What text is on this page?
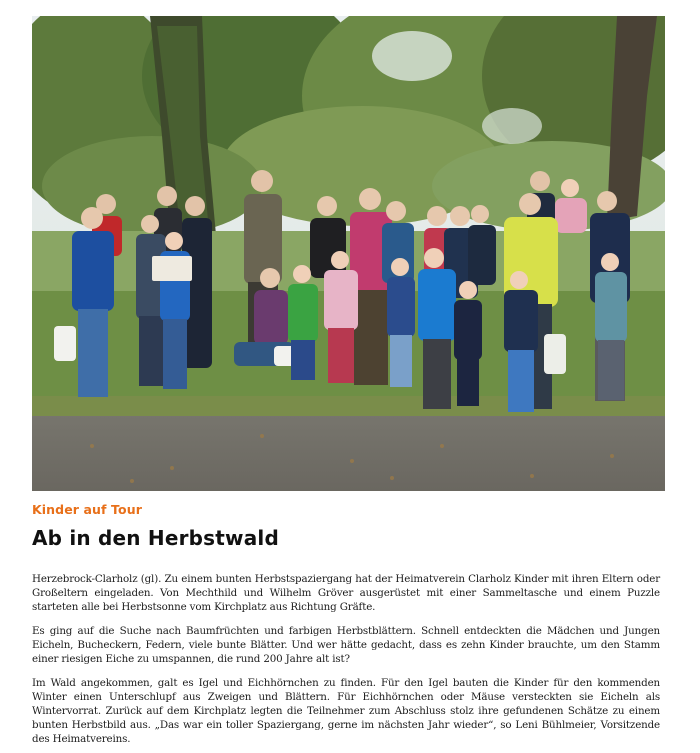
Kinder auf Tour
Ab in den Herbstwald

Herzebrock-Clarholz (gl). Zu einem bunten Herbstspaziergang hat der Heimatverein Clarholz Kinder mit ihren Eltern oder Großeltern eingeladen. Von Mechthild und Wilhelm Gröver ausgerüstet mit einer Sammeltasche und einem Puzzle starteten alle bei Herbstsonne vom Kirchplatz aus Richtung Gräfte.

Es ging auf die Suche nach Baumfrüchten und farbigen Herbstblättern. Schnell entdeckten die Mädchen und Jungen Eicheln, Bucheckern, Federn, viele bunte Blätter. Und wer hätte gedacht, dass es zehn Kinder brauchte, um den Stamm einer riesigen Eiche zu umspannen, die rund 200 Jahre alt ist?

Im Wald angekommen, galt es Igel und Eichhörnchen zu finden. Für den Igel bauten die Kinder für den kommenden Winter einen Unterschlupf aus Zweigen und Blättern. Für Eichhörnchen oder Mäuse versteckten sie Eicheln als Wintervorrat. Zurück auf dem Kirchplatz legten die Teilnehmer zum Abschluss stolz ihre gefundenen Schätze zu einem bunten Herbstbild aus. „Das war ein toller Spaziergang, gerne im nächsten Jahr wieder“, so Leni Bühlmeier, Vorsitzende des Heimatvereins.
